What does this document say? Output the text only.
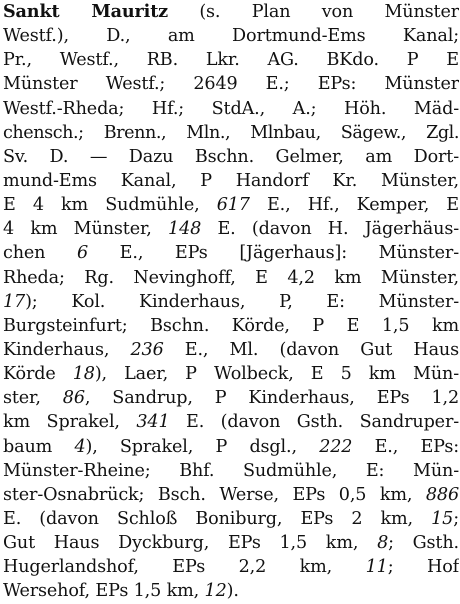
Sankt Mauritz (s. Plan von Münster
Westf.), D., am Dortmund-Ems Kanal;
Pr., Westf., RB. Lkr. AG. BKdo. P E
Münster Westf.; 2649 E.; EPs: Münster
Westf.-Rheda; Hf.; StdA., A.; Höh. Mäd-
chensch.; Brenn., Mln., Mlnbau, Sägew., Zgl.
Sv. D. — Dazu Bschn. Gelmer, am Dort-
mund-Ems Kanal, P Handorf Kr. Münster,
E 4 km Sudmühle, 617 E., Hf., Kemper, E
4 km Münster, 148 E. (davon H. Jägerhäus-
chen 6 E., EPs [Jägerhaus]: Münster-
Rheda; Rg. Nevinghoff, E 4,2 km Münster,
17); Kol. Kinderhaus, P, E: Münster-
Burgsteinfurt; Bschn. Körde, P E 1,5 km
Kinderhaus, 236 E., Ml. (davon Gut Haus
Körde 18), Laer, P Wolbeck, E 5 km Mün-
ster, 86, Sandrup, P Kinderhaus, EPs 1,2
km Sprakel, 341 E. (davon Gsth. Sandruper-
baum 4), Sprakel, P dsgl., 222 E., EPs:
Münster-Rheine; Bhf. Sudmühle, E: Mün-
ster-Osnabrück; Bsch. Werse, EPs 0,5 km, 886
E. (davon Schloß Boniburg, EPs 2 km, 15;
Gut Haus Dyckburg, EPs 1,5 km, 8; Gsth.
Hugerlandshof, EPs 2,2 km, 11; Hof
Wersehof, EPs 1,5 km, 12).
